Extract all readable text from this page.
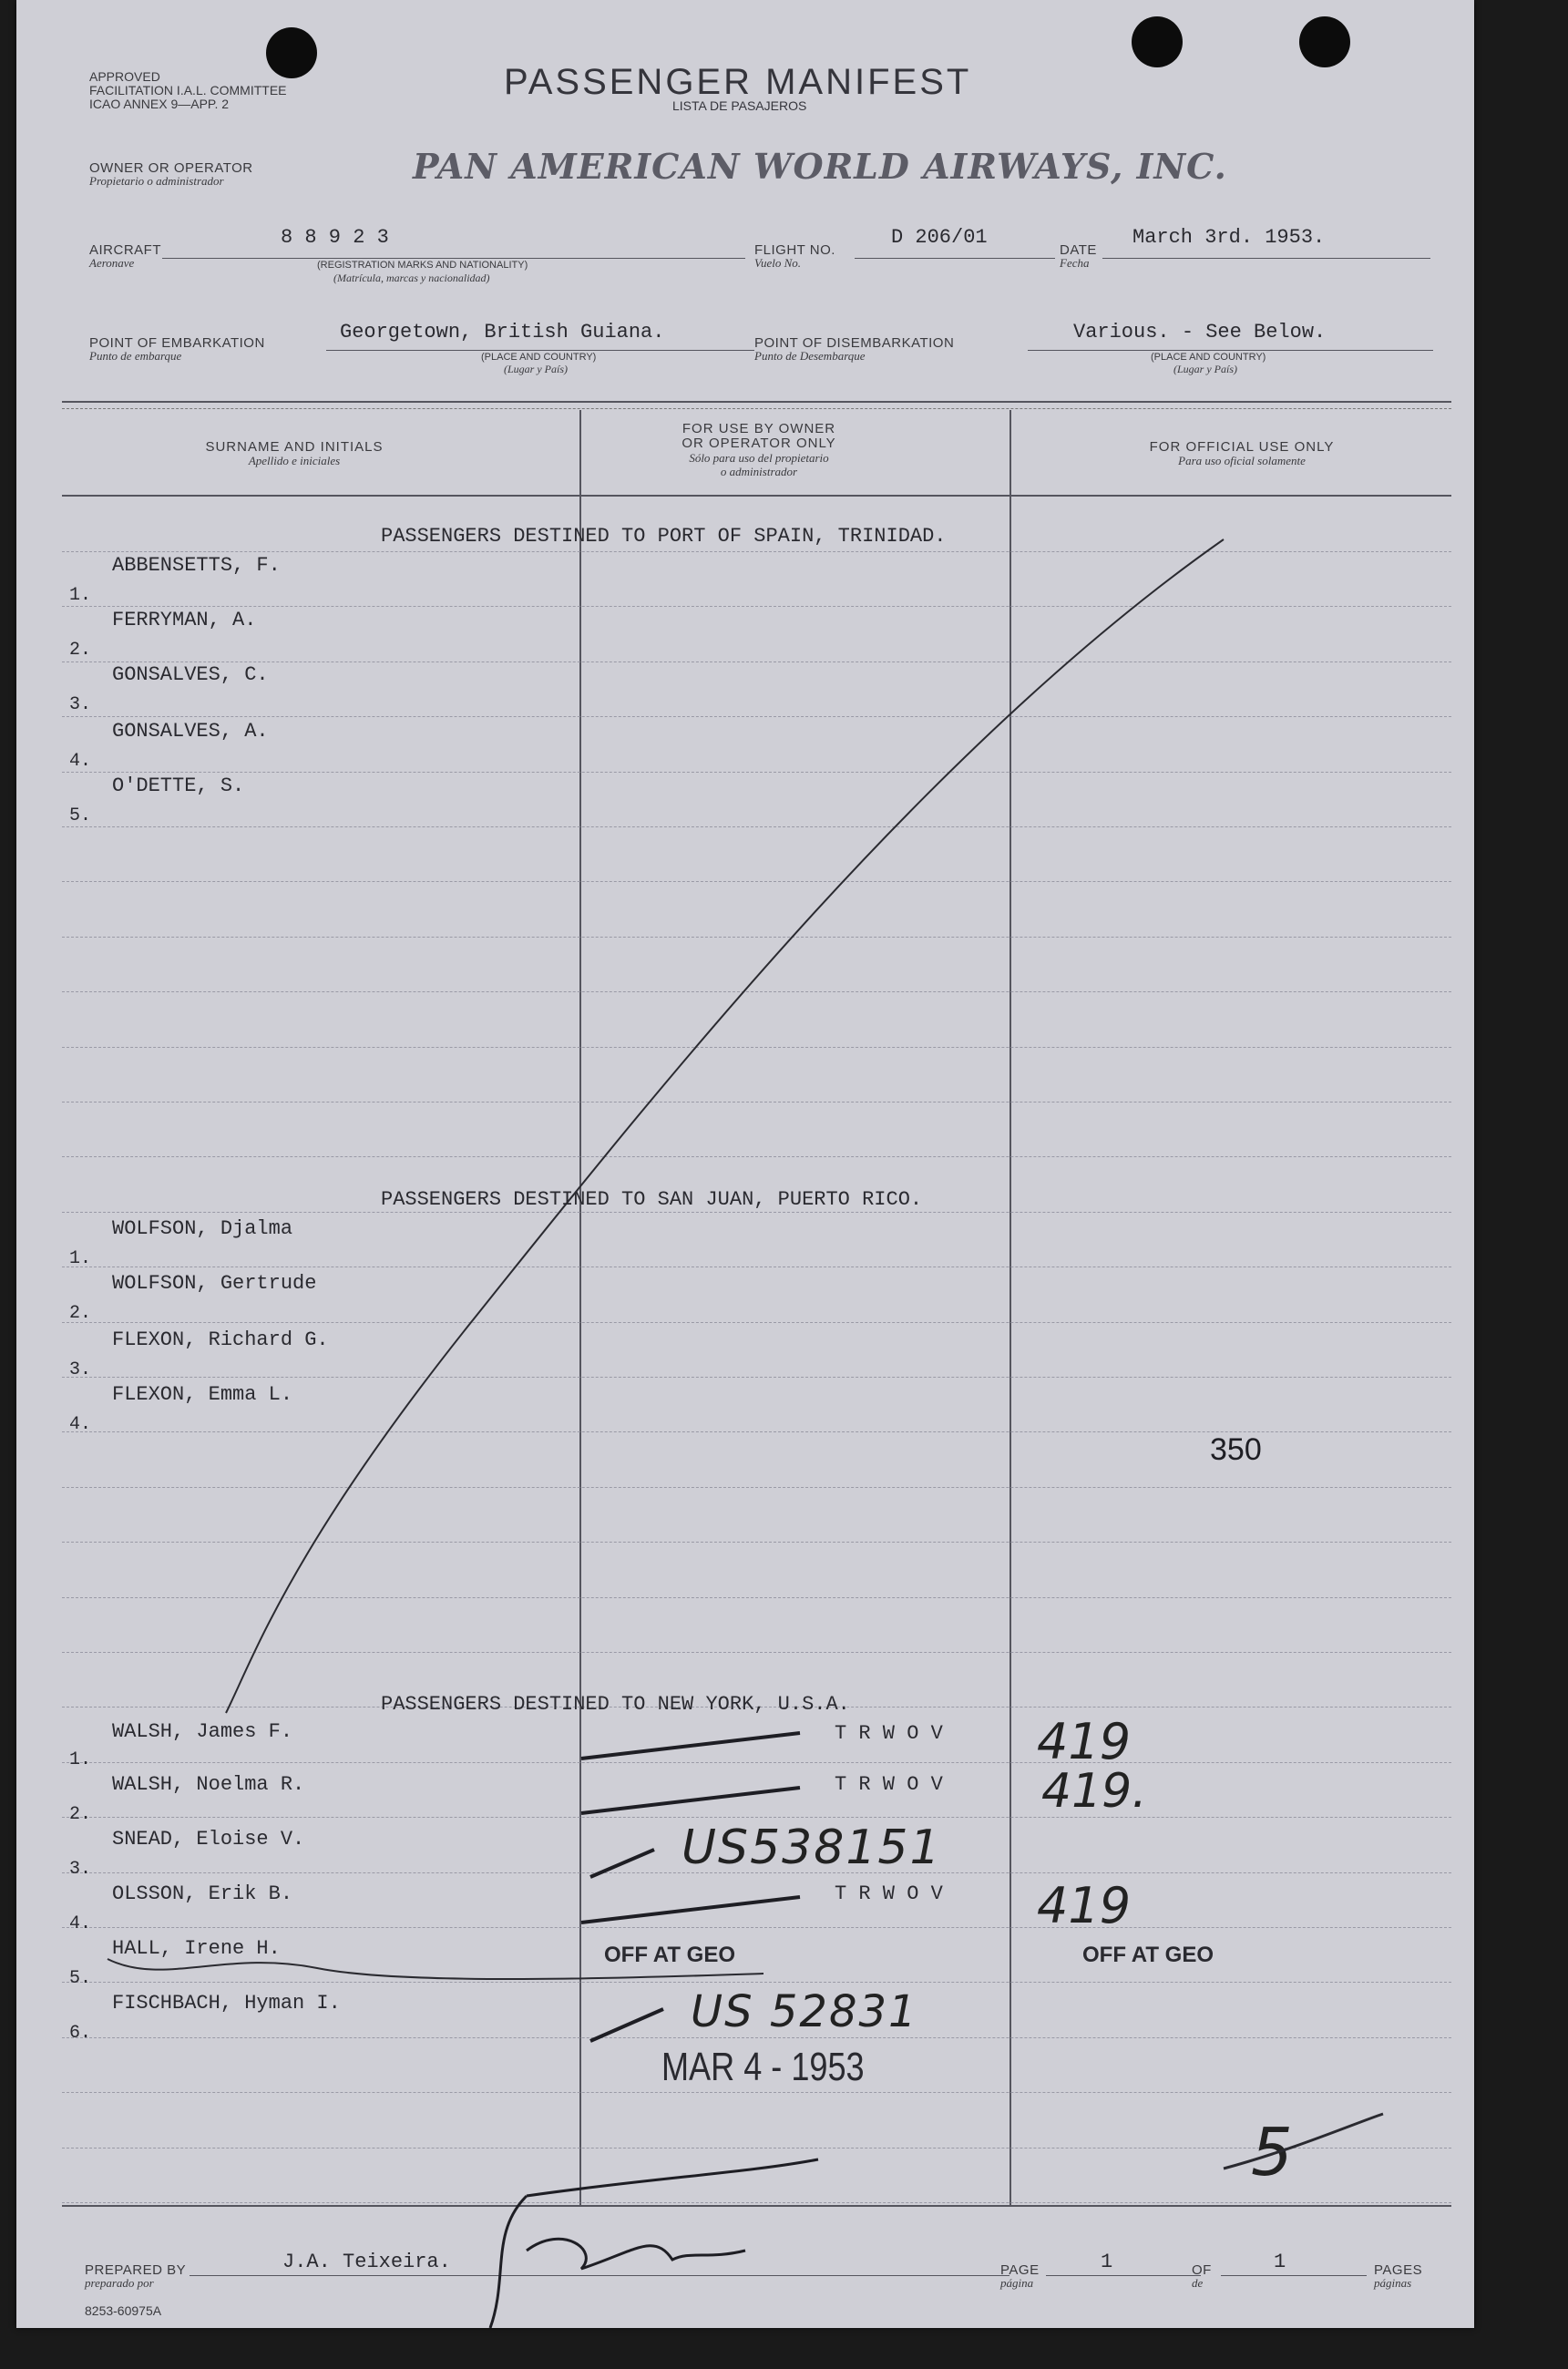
APPROVED
FACILITATION I.A.L. COMMITTEE
ICAO ANNEX 9—APP. 2
PASSENGER MANIFEST
LISTA DE PASAJEROS
OWNER OR OPERATOR
Propietario o administrador	PAN AMERICAN WORLD AIRWAYS, INC.
AIRCRAFT
Aeronave
8 8 9 2 3
(REGISTRATION MARKS AND NATIONALITY)
(Matrícula, marcas y nacionalidad)
FLIGHT NO.
Vuelo No.
D 206/01
DATE
Fecha
March 3rd. 1953.
POINT OF EMBARKATION
Punto de embarque
Georgetown, British Guiana.
(PLACE AND COUNTRY)
(Lugar y País)
POINT OF DISEMBARKATION
Punto de Desembarque
Various. - See Below.
(PLACE AND COUNTRY)
(Lugar y País)
SURNAME AND INITIALS
Apellido e iniciales
FOR USE BY OWNER
OR OPERATOR ONLY
Sólo para uso del propietario
o administrador
FOR OFFICIAL USE ONLY
Para uso oficial solamente
PASSENGERS DESTINED TO PORT OF SPAIN, TRINIDAD.
ABBENSETTS, F.
1.
FERRYMAN, A.
2.
GONSALVES, C.
3.
GONSALVES, A.
4.
O'DETTE, S.
5.
PASSENGERS DESTINED TO SAN JUAN, PUERTO RICO.
WOLFSON, Djalma
1.
WOLFSON, Gertrude
2.
FLEXON, Richard G.
3.
FLEXON, Emma L.
4.
350
PASSENGERS DESTINED TO NEW YORK, U.S.A.
WALSH, James F.
1.
T R W O V 419
WALSH, Noelma R.
2.
T R W O V 419.
SNEAD, Eloise V.
3.	US538151
OLSSON, Erik B.
4.
T R W O V 419
HALL, Irene H.
5.
OFF AT GEO	OFF AT GEO
FISCHBACH, Hyman I.
6.	US 52831
MAR 4 - 1953
5
PREPARED BY
preparado por
J.A. Teixeira.	PAGE
página
1	OF
de
1	PAGES
páginas
8253-60975A
